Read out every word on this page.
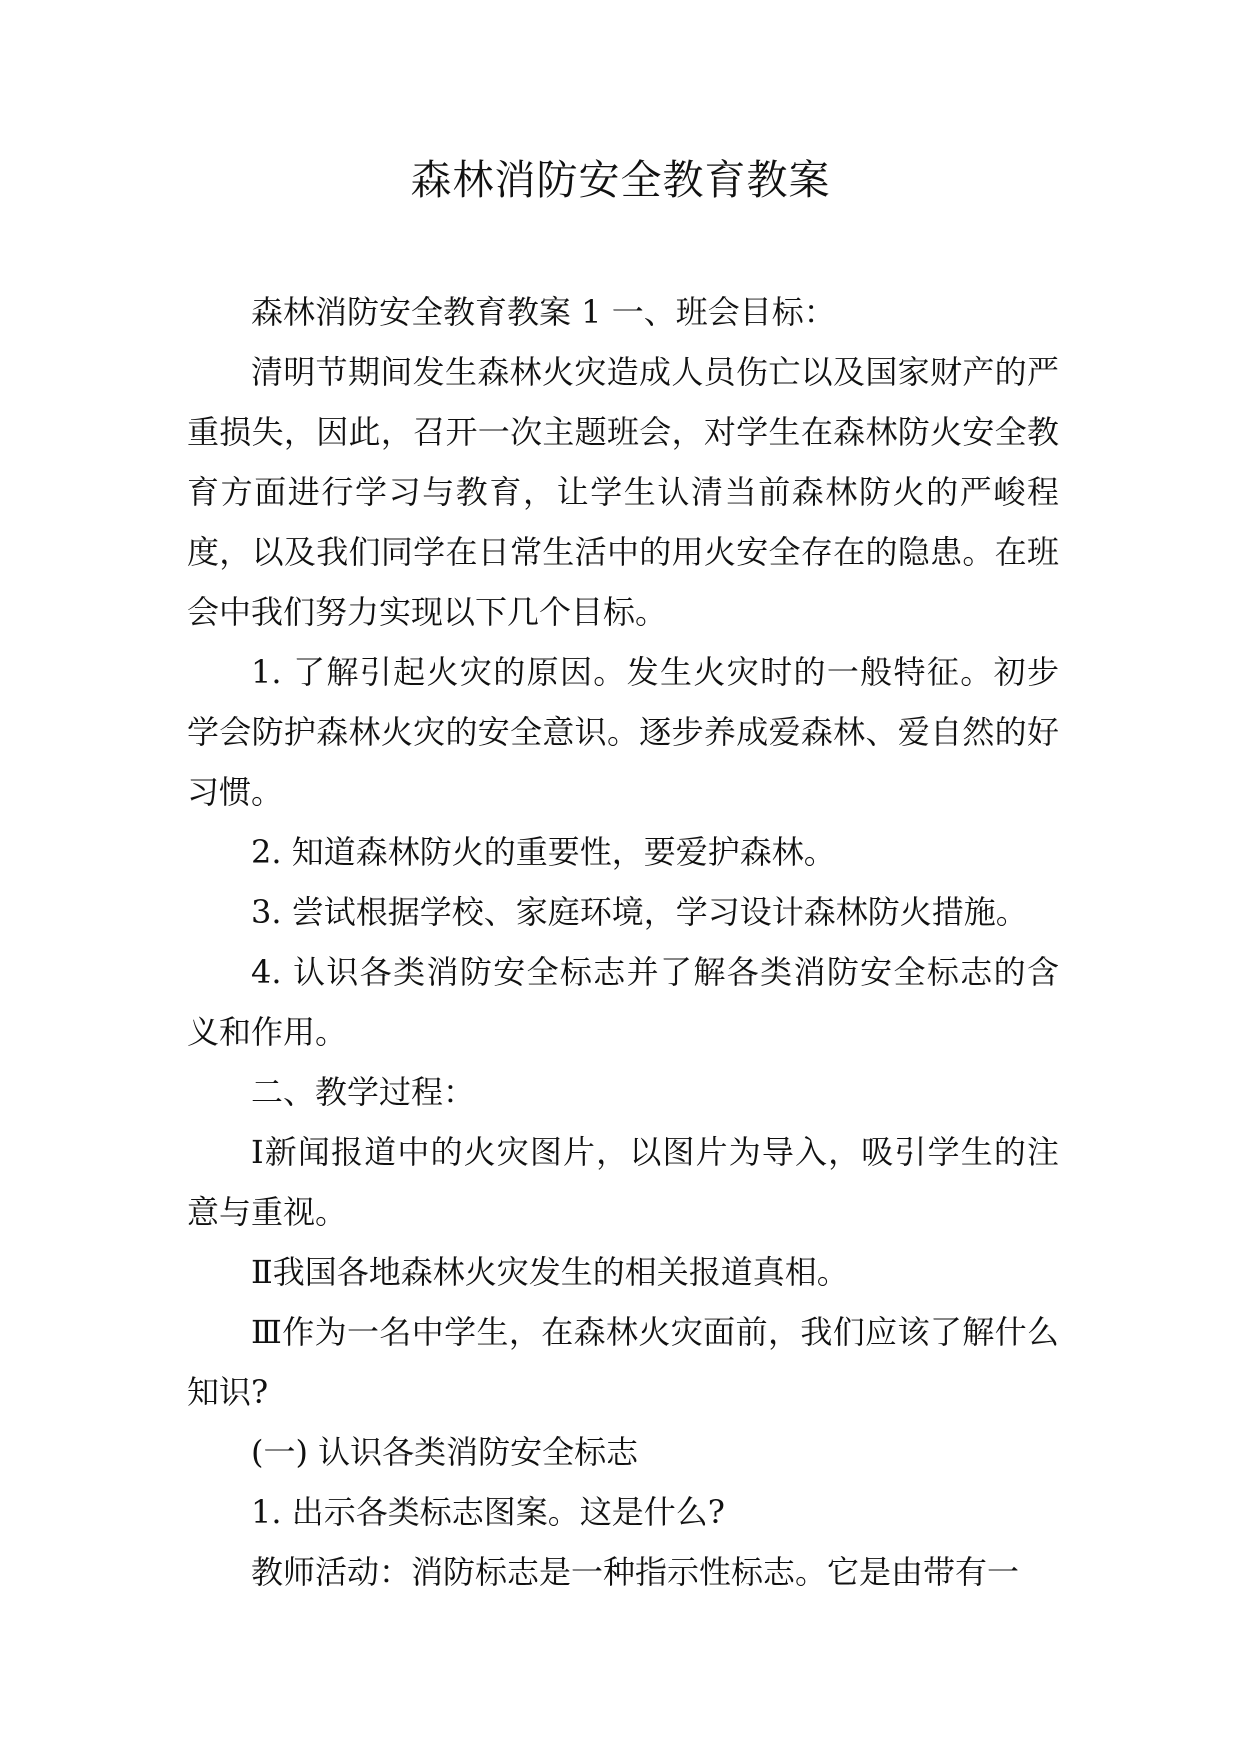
森林消防安全教育教案

森林消防安全教育教案 1 一、班会目标：

清明节期间发生森林火灾造成人员伤亡以及国家财产的严重损失，因此，召开一次主题班会，对学生在森林防火安全教育方面进行学习与教育，让学生认清当前森林防火的严峻程度，以及我们同学在日常生活中的用火安全存在的隐患。在班会中我们努力实现以下几个目标。

1. 了解引起火灾的原因。发生火灾时的一般特征。初步学会防护森林火灾的安全意识。逐步养成爱森林、爱自然的好习惯。

2. 知道森林防火的重要性，要爱护森林。

3. 尝试根据学校、家庭环境，学习设计森林防火措施。

4. 认识各类消防安全标志并了解各类消防安全标志的含义和作用。

二、教学过程：

Ⅰ新闻报道中的火灾图片，以图片为导入，吸引学生的注意与重视。

Ⅱ我国各地森林火灾发生的相关报道真相。

Ⅲ作为一名中学生，在森林火灾面前，我们应该了解什么知识?

(一) 认识各类消防安全标志

1. 出示各类标志图案。这是什么?

教师活动：消防标志是一种指示性标志。它是由带有一
